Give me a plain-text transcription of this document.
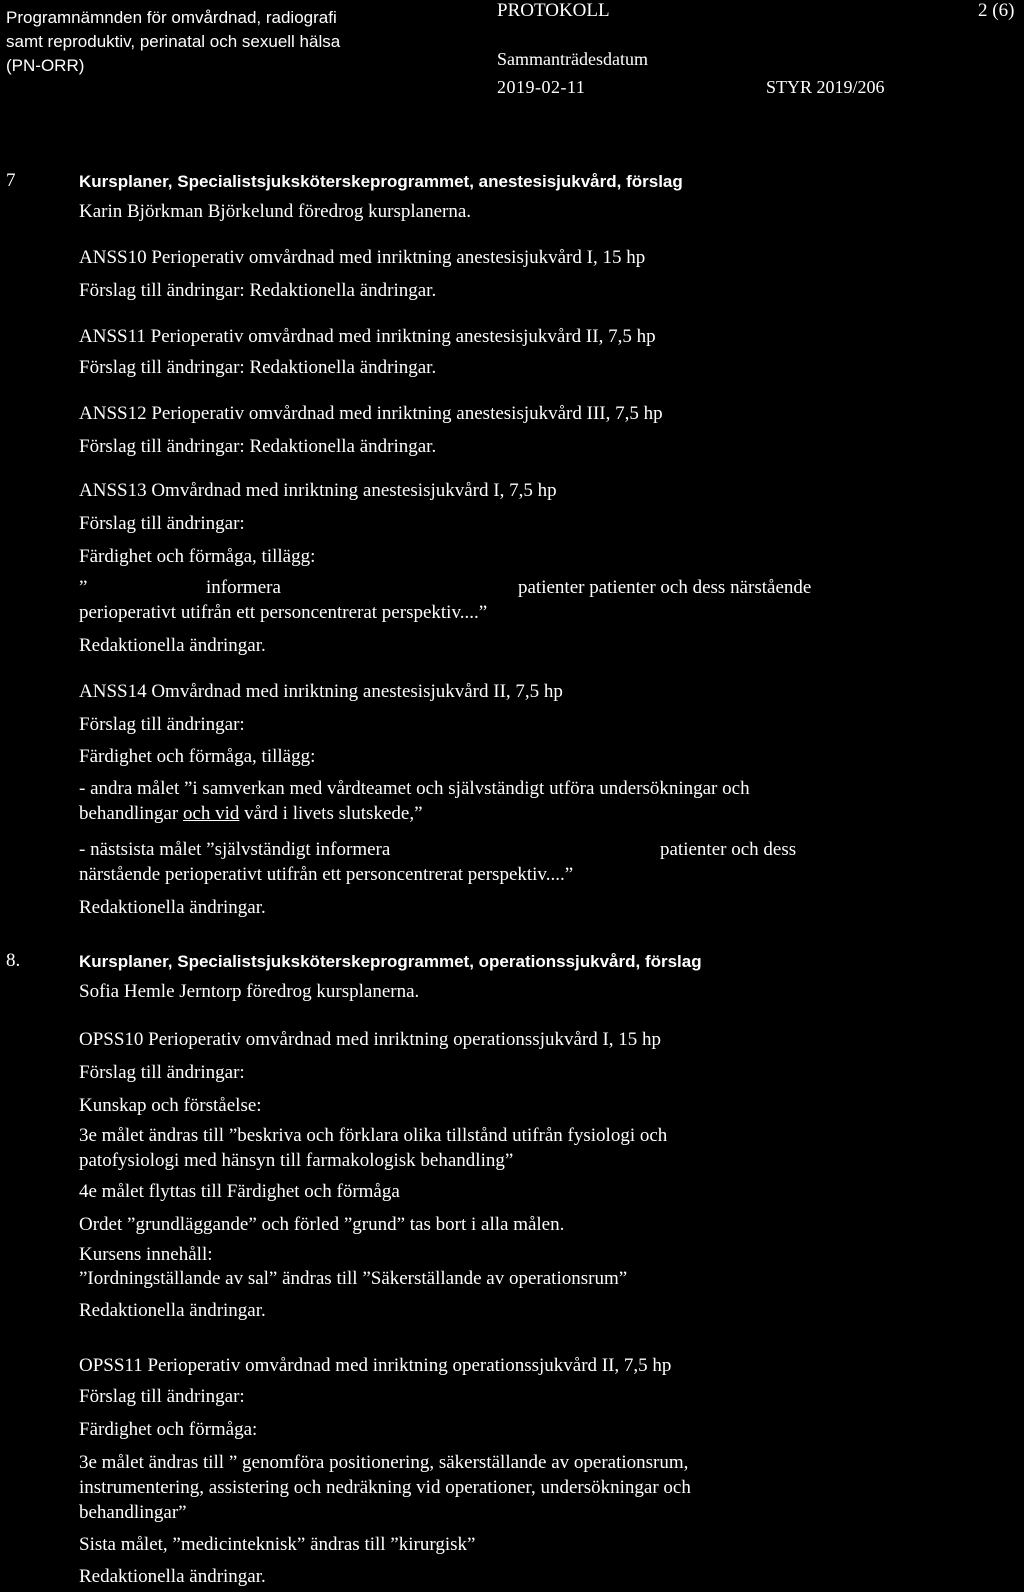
Programnämnden för omvårdnad, radiografi
samt reproduktiv, perinatal och sexuell hälsa
(PN-ORR)
PROTOKOLL	2 (6)
Sammanträdesdatum
2019-02-11	STYR 2019/206
7	Kursplaner, Specialistsjuksköterskeprogrammet, anestesisjukvård, förslag
Karin Björkman Björkelund föredrog kursplanerna.
ANSS10 Perioperativ omvårdnad med inriktning anestesisjukvård I, 15 hp
Förslag till ändringar: Redaktionella ändringar.
ANSS11 Perioperativ omvårdnad med inriktning anestesisjukvård II, 7,5 hp
Förslag till ändringar: Redaktionella ändringar.
ANSS12 Perioperativ omvårdnad med inriktning anestesisjukvård III, 7,5 hp
Förslag till ändringar: Redaktionella ändringar.
ANSS13 Omvårdnad med inriktning anestesisjukvård I, 7,5 hp
Förslag till ändringar:
Färdighet och förmåga, tillägg:
”	informera	patienter patienter och dess närstående
perioperativt utifrån ett personcentrerat perspektiv....”
Redaktionella ändringar.
ANSS14 Omvårdnad med inriktning anestesisjukvård II, 7,5 hp
Förslag till ändringar:
Färdighet och förmåga, tillägg:
- andra målet ”i samverkan med vårdteamet och självständigt utföra undersökningar och
behandlingar och vid vård i livets slutskede,”
- nästsista målet ”självständigt informera	patienter och dess
närstående perioperativt utifrån ett personcentrerat perspektiv....”
Redaktionella ändringar.
8.	Kursplaner, Specialistsjuksköterskeprogrammet, operationssjukvård, förslag
Sofia Hemle Jerntorp föredrog kursplanerna.
OPSS10 Perioperativ omvårdnad med inriktning operationssjukvård I, 15 hp
Förslag till ändringar:
Kunskap och förståelse:
3e målet ändras till ”beskriva och förklara olika tillstånd utifrån fysiologi och
patofysiologi med hänsyn till farmakologisk behandling”
4e målet flyttas till Färdighet och förmåga
Ordet ”grundläggande” och förled ”grund” tas bort i alla målen.
Kursens innehåll:
”Iordningställande av sal” ändras till ”Säkerställande av operationsrum”
Redaktionella ändringar.
OPSS11 Perioperativ omvårdnad med inriktning operationssjukvård II, 7,5 hp
Förslag till ändringar:
Färdighet och förmåga:
3e målet ändras till ” genomföra positionering, säkerställande av operationsrum,
instrumentering, assistering och nedräkning vid operationer, undersökningar och
behandlingar”
Sista målet, ”medicinteknisk” ändras till ”kirurgisk”
Redaktionella ändringar.
